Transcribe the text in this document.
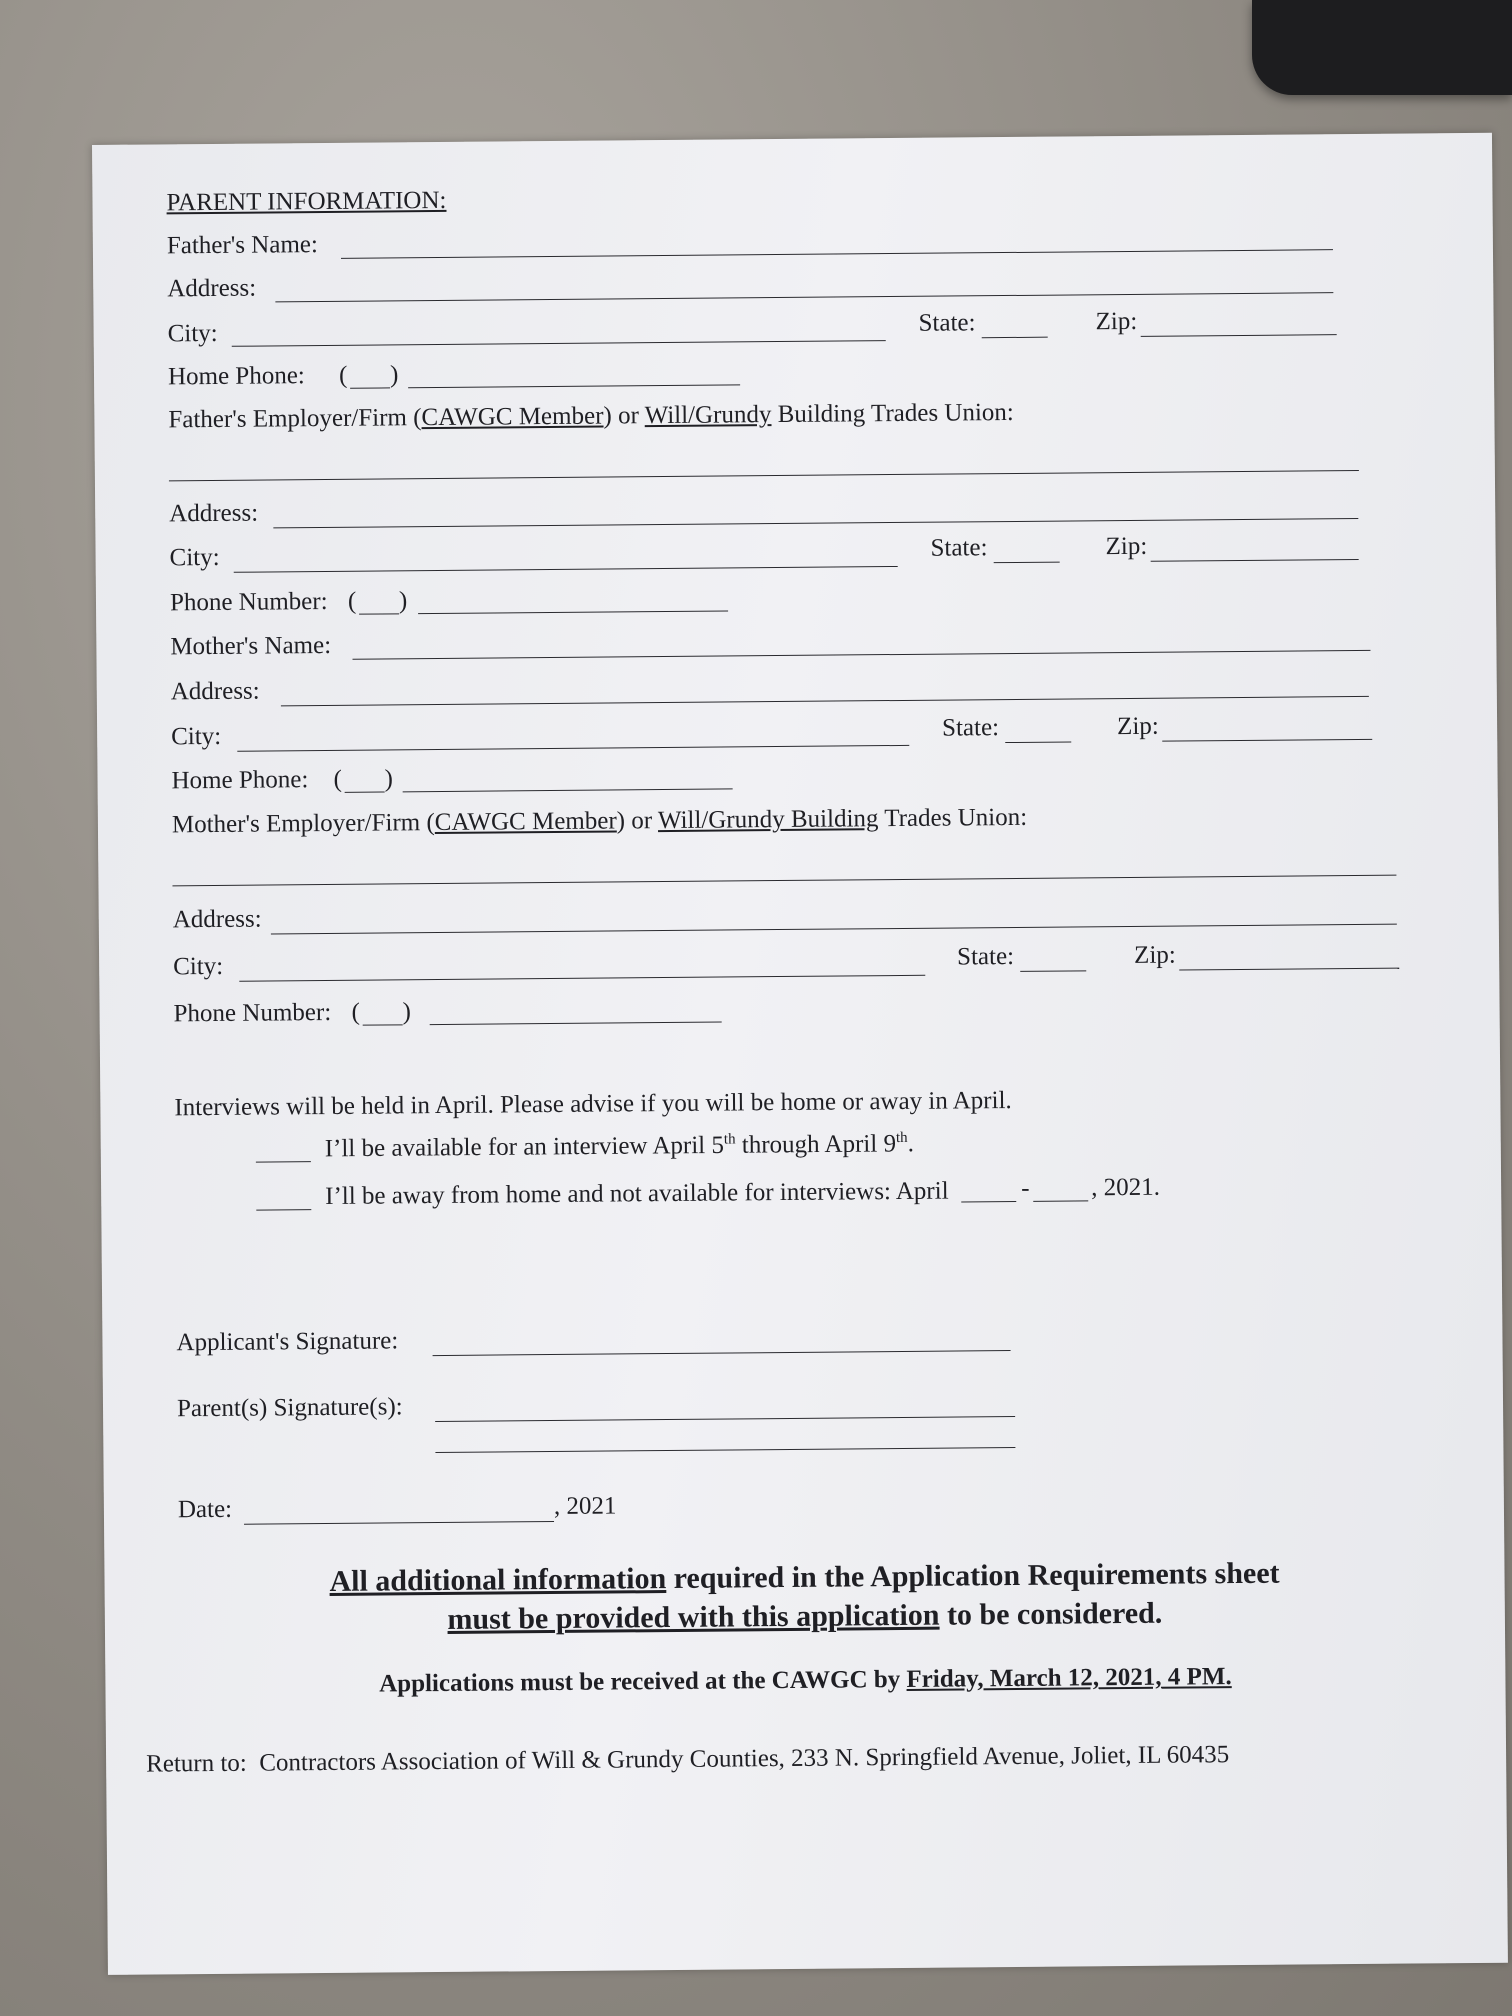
PARENT INFORMATION:
Father's Name:
Address:
City:	State:	Zip:
Home Phone: ( )
Father's Employer/Firm (CAWGC Member) or Will/Grundy Building Trades Union:
Address:
City:	State:	Zip:
Phone Number: ( )
Mother's Name:
Address:
City:	State:	Zip:
Home Phone: ( )
Mother's Employer/Firm (CAWGC Member) or Will/Grundy Building Trades Union:
Address:
City:	State:	Zip:
Phone Number: ( )
Interviews will be held in April. Please advise if you will be home or away in April.
I’ll be available for an interview April 5th through April 9th.
I’ll be away from home and not available for interviews: April	- , 2021.
Applicant's Signature:
Parent(s) Signature(s):
Date:	, 2021
All additional information required in the Application Requirements sheet
must be provided with this application to be considered.
Applications must be received at the CAWGC by Friday, March 12, 2021, 4 PM.
Return to: Contractors Association of Will & Grundy Counties, 233 N. Springfield Avenue, Joliet, IL 60435
